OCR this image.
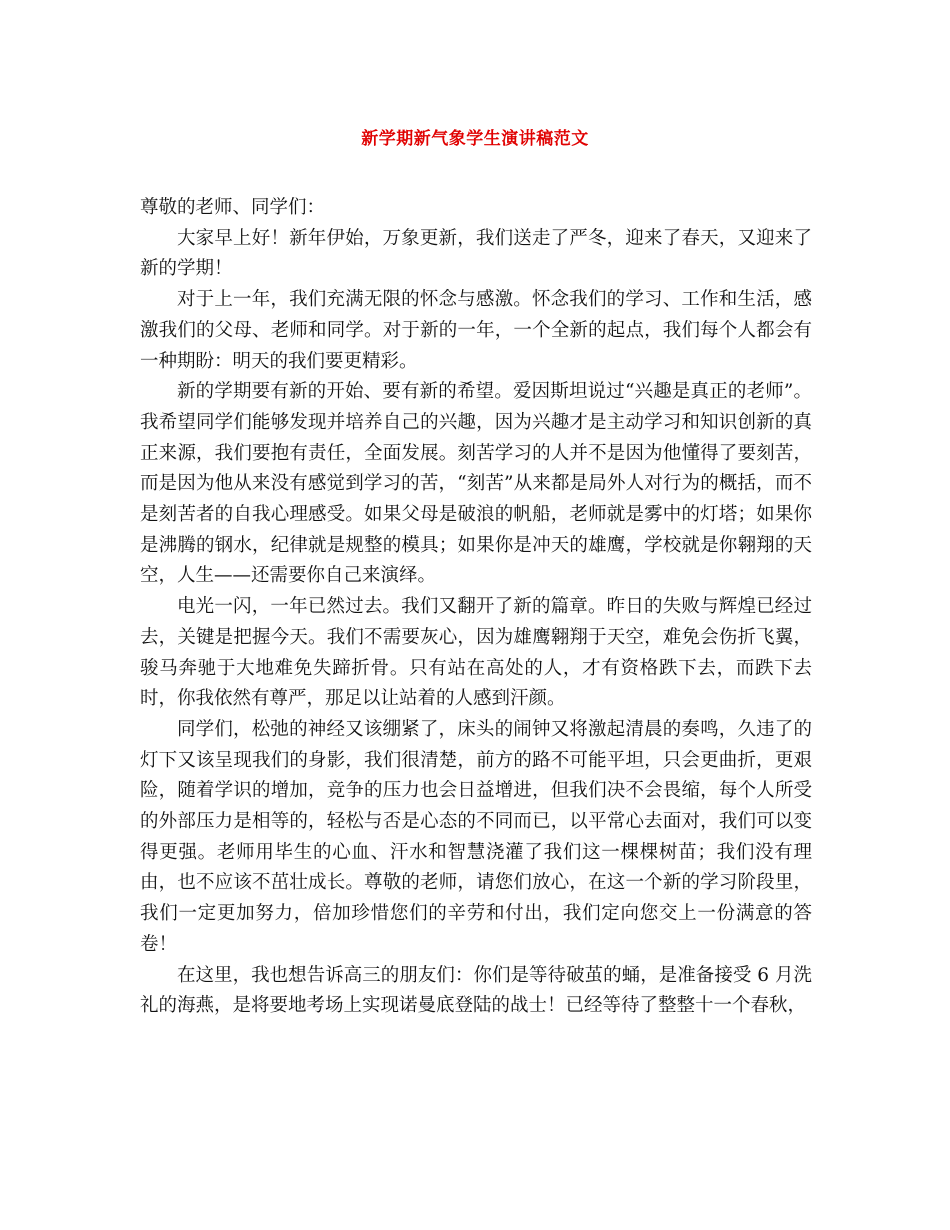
新学期新气象学生演讲稿范文

尊敬的老师、同学们：

大家早上好！新年伊始，万象更新，我们送走了严冬，迎来了春天，又迎来了新的学期！

对于上一年，我们充满无限的怀念与感激。怀念我们的学习、工作和生活，感激我们的父母、老师和同学。对于新的一年，一个全新的起点，我们每个人都会有一种期盼：明天的我们要更精彩。

新的学期要有新的开始、要有新的希望。爱因斯坦说过“兴趣是真正的老师”。我希望同学们能够发现并培养自己的兴趣，因为兴趣才是主动学习和知识创新的真正来源，我们要抱有责任，全面发展。刻苦学习的人并不是因为他懂得了要刻苦，而是因为他从来没有感觉到学习的苦，“刻苦”从来都是局外人对行为的概括，而不是刻苦者的自我心理感受。如果父母是破浪的帆船，老师就是雾中的灯塔；如果你是沸腾的钢水，纪律就是规整的模具；如果你是冲天的雄鹰，学校就是你翱翔的天空，人生——还需要你自己来演绎。

电光一闪，一年已然过去。我们又翻开了新的篇章。昨日的失败与辉煌已经过去，关键是把握今天。我们不需要灰心，因为雄鹰翱翔于天空，难免会伤折飞翼，骏马奔驰于大地难免失蹄折骨。只有站在高处的人，才有资格跌下去，而跌下去时，你我依然有尊严，那足以让站着的人感到汗颜。

同学们，松弛的神经又该绷紧了，床头的闹钟又将激起清晨的奏鸣，久违了的灯下又该呈现我们的身影，我们很清楚，前方的路不可能平坦，只会更曲折，更艰险，随着学识的增加，竞争的压力也会日益增进，但我们决不会畏缩，每个人所受的外部压力是相等的，轻松与否是心态的不同而已，以平常心去面对，我们可以变得更强。老师用毕生的心血、汗水和智慧浇灌了我们这一棵棵树苗；我们没有理由，也不应该不茁壮成长。尊敬的老师，请您们放心，在这一个新的学习阶段里，我们一定更加努力，倍加珍惜您们的辛劳和付出，我们定向您交上一份满意的答卷！

在这里，我也想告诉高三的朋友们：你们是等待破茧的蛹，是准备接受 6 月洗礼的海燕，是将要地考场上实现诺曼底登陆的战士！已经等待了整整十一个春秋，
